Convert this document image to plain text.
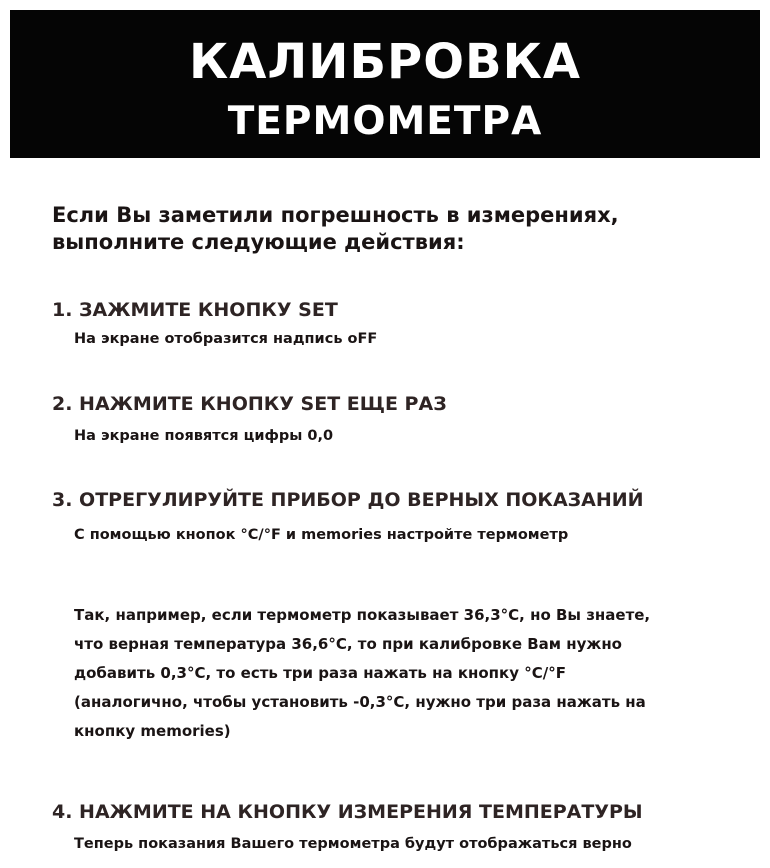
КАЛИБРОВКА
ТЕРМОМЕТРА
Если Вы заметили погрешность в измерениях,
выполните следующие действия:
1. ЗАЖМИТЕ КНОПКУ SET
На экране отобразится надпись oFF
2. НАЖМИТЕ КНОПКУ SET ЕЩЕ РАЗ
На экране появятся цифры 0,0
3. ОТРЕГУЛИРУЙТЕ ПРИБОР ДО ВЕРНЫХ ПОКАЗАНИЙ
С помощью кнопок °C/°F и memories настройте термометр
Так, например, если термометр показывает 36,3°C, но Вы знаете,
что верная температура 36,6°C, то при калибровке Вам нужно
добавить 0,3°C, то есть три раза нажать на кнопку °C/°F
(аналогично, чтобы установить -0,3°C, нужно три раза нажать на
кнопку memories)
4. НАЖМИТЕ НА КНОПКУ ИЗМЕРЕНИЯ ТЕМПЕРАТУРЫ
Теперь показания Вашего термометра будут отображаться верно
